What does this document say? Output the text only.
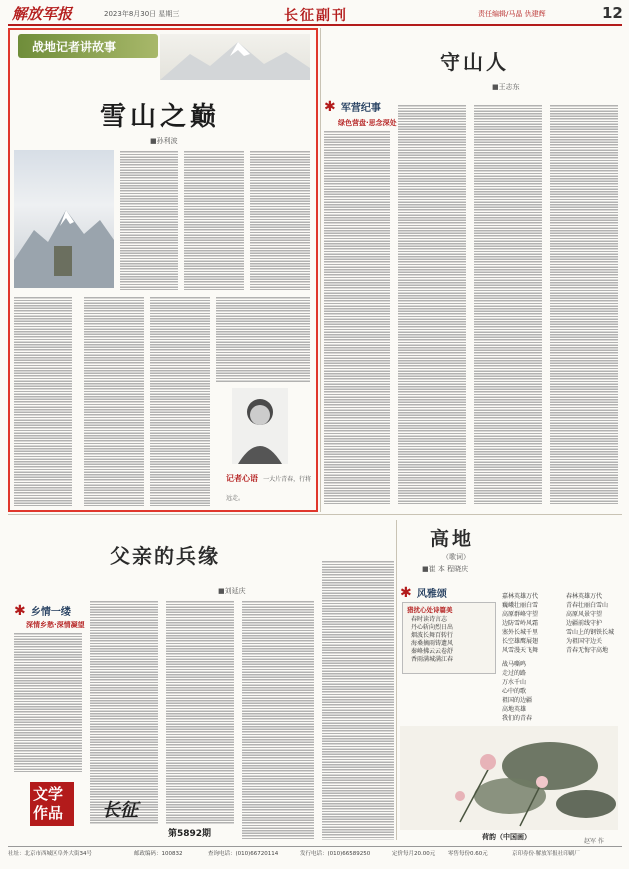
解放军报	2023年8月30日 星期三	长征副刊	责任编辑/马晶 仇建辉	12
战地记者讲故事
雪山之巅
■孙利波
记者心语 一大片青春，行将远走。
守山人
■王志东
✱ 军营纪事
绿色营盘·思念深处
父亲的兵缘
■刘延庆
✱ 乡情一缕
深情乡愁·深情凝望
文学作品	长征
第5892期
高地
（歌词）
■崔 本 程晓庆
✱ 风雅颂
猎扰心处诗篇美
春时读诗言志
丹心斩向烈日出
烟波长舞百转行
海桑摘雨铸遗风
秦峰拂云云卷舒
香雨满城满江春
嘉林英雄万代
巍峨壮丽白雪
高原群峰守望
边防雪岭风霜
塞外长城千里
长空雄鹰展翅
风雪漫天飞舞
春林英雄万代
青春壮丽白雪山
高原风景守望
边疆前线守护
雪山上的钢铁长城
为祖国守边关
青春无悔守高地
战马嘶鸣
走过的路
万水千山
心中的歌
祖国的边疆
高地英雄
我们的青春
荷韵（中国画）
赵军 作
社址：北京市西城区阜外大街34号	邮政编码：100832	查询电话：(010)66720114	发行电话：(010)66589250	定价每月20.00元 零售每份0.60元	京印券份·解放军报社印刷厂
